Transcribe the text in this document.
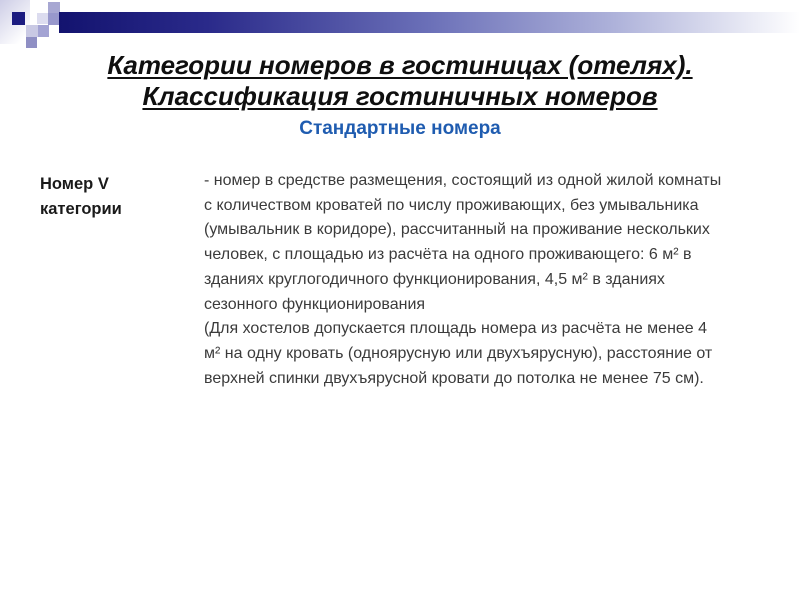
Категории номеров в гостиницах (отелях).
Классификация гостиничных номеров
Стандартные номера
Номер V
категории
- номер в средстве размещения, состоящий из одной жилой комнаты
с количеством кроватей по числу проживающих, без умывальника
(умывальник в коридоре), рассчитанный на проживание нескольких
человек, с площадью из расчёта на одного проживающего: 6 м² в
зданиях круглогодичного функционирования, 4,5 м² в зданиях
сезонного функционирования
(Для хостелов допускается площадь номера из расчёта не менее 4
м² на одну кровать (одноярусную или двухъярусную), расстояние от
верхней спинки двухъярусной кровати до потолка не менее 75 см).
